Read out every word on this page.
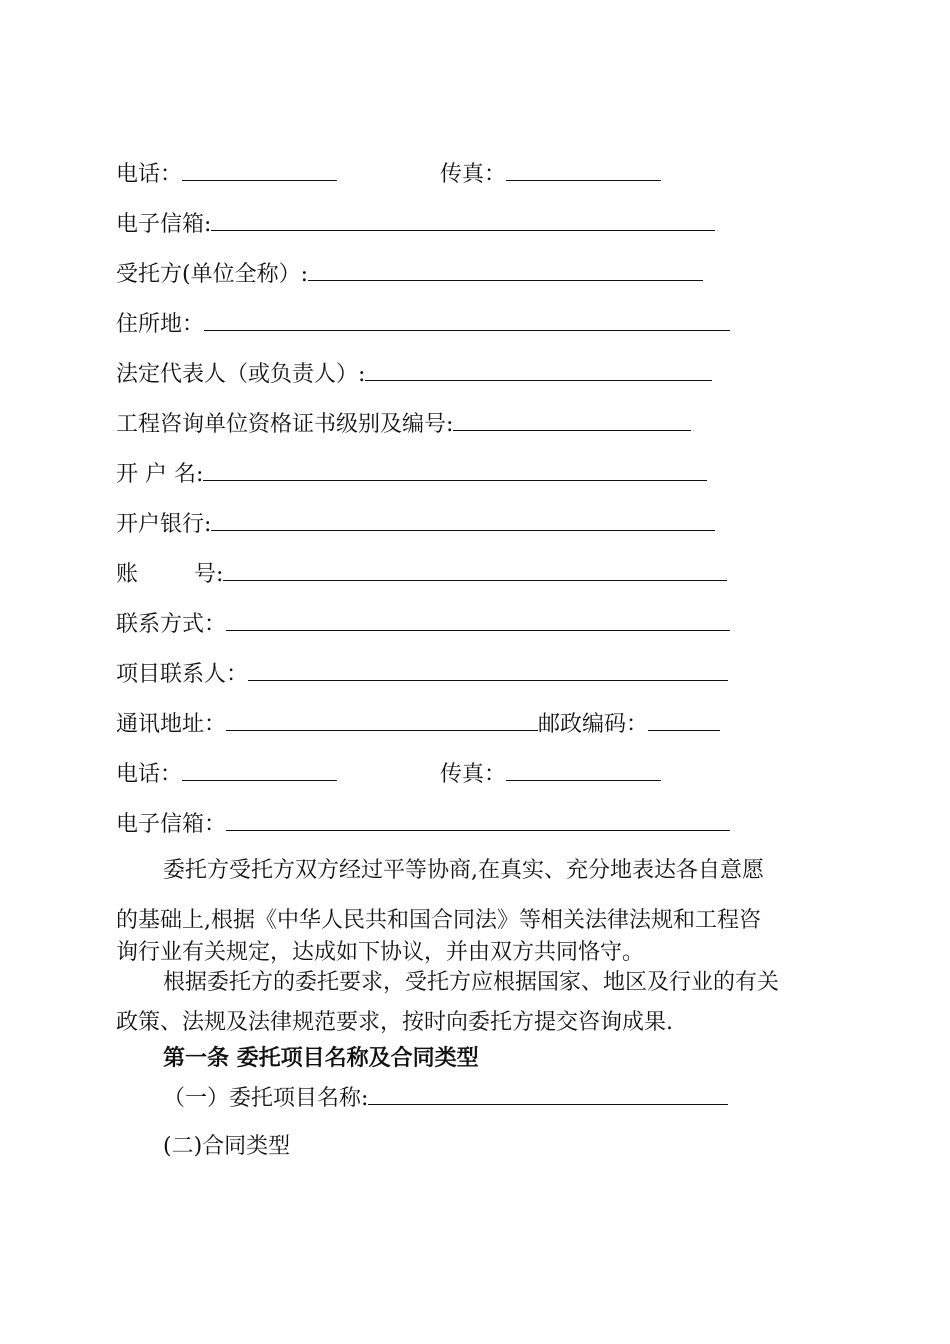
电话：	传真：
电子信箱:
受托方(单位全称）:
住所地：
法定代表人（或负责人）:
工程咨询单位资格证书级别及编号:
开 户 名:
开户银行:
账        号:
联系方式：
项目联系人：
通讯地址：	邮政编码：
电话：	传真：
电子信箱：
委托方受托方双方经过平等协商,在真实、充分地表达各自意愿
的基础上,根据《中华人民共和国合同法》等相关法律法规和工程咨
询行业有关规定，达成如下协议，并由双方共同恪守。
根据委托方的委托要求，受托方应根据国家、地区及行业的有关
政策、法规及法律规范要求，按时向委托方提交咨询成果.
第一条 委托项目名称及合同类型
（一）委托项目名称:
(二)合同类型
